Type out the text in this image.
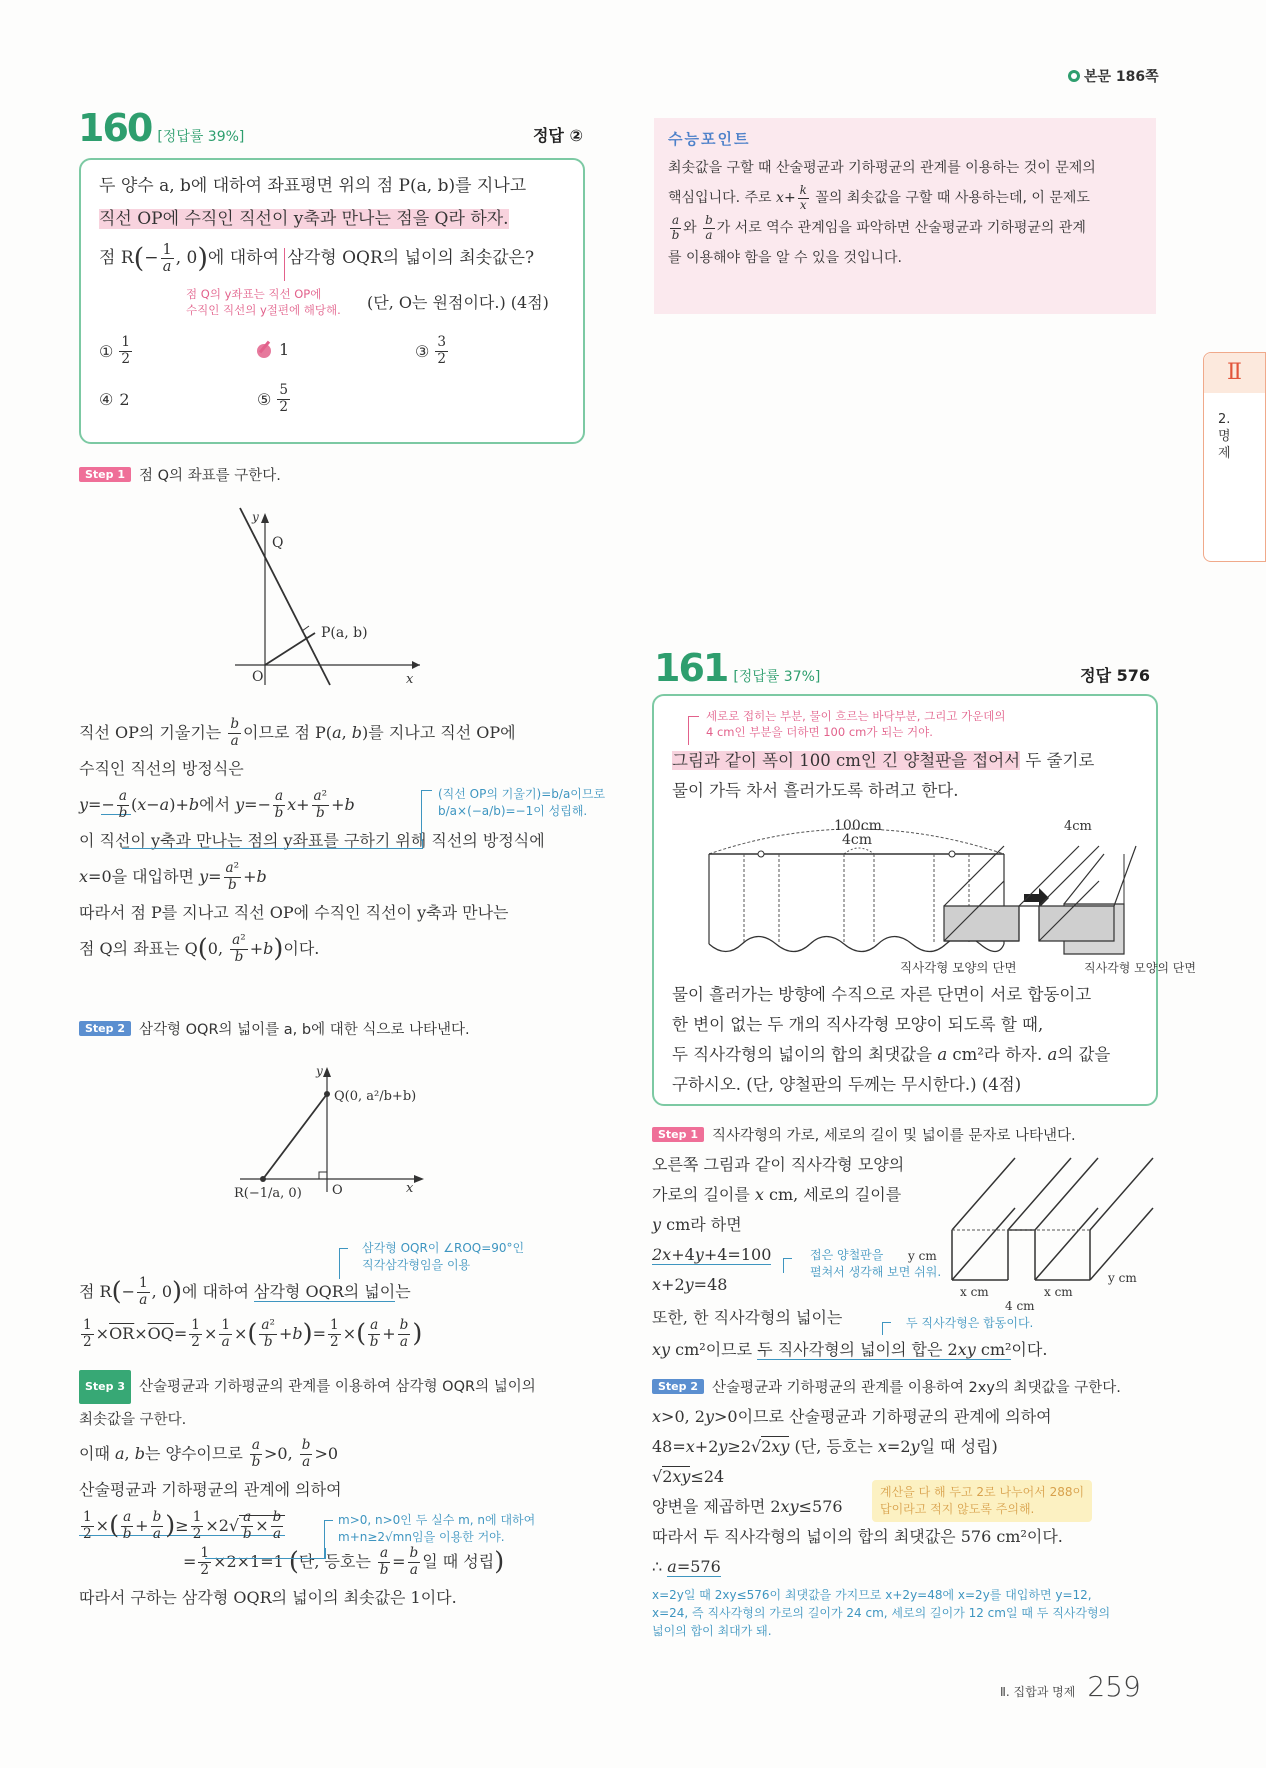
본문 186쪽
Ⅱ
2.
명
제
160 [정답률 39%]	정답 ②
두 양수 a, b에 대하여 좌표평면 위의 점 P(a, b)를 지나고
직선 OP에 수직인 직선이 y축과 만나는 점을 Q라 하자.
점 $R(- \frac{1}{a}$ , 0)에 대하여 삼각형 OQR의 넓이의 최솟값은?
점 Q의 y좌표는 직선 OP에
수직인 직선의 y절편에 해당해. (단, O는 원점이다.) (4점)
① $\frac{1}{2}$	1	③ $\frac{3}{2}$
④ 2	⑤ $\frac{5}{2}$
Step 1 점 Q의 좌표를 구한다.
y
Q
P(a, b)
O	x
직선 OP의 기울기는 $\frac{b}{a}$ 이므로 점 P(a, b)를 지나고 직선 OP에
수직인 직선의 방정식은
$y=- \frac{a}{b} (x-a)+b$에서 $y=- \frac{a}{b} x+ \frac{\text{a²}}{b} +b$
이 직선이 y축과 만나는 점의 y좌표를 구하기 위해 직선의 방정식에
x=0을 대입하면 $y= \frac{\text{a²}}{b} +b$
따라서 점 P를 지나고 직선 OP에 수직인 직선이 y축과 만나는
점 Q의 좌표는 Q(0, $\frac{\text{a²}}{b} +b$)이다.
(직선 OP의 기울기)=b/a이므로
b/a×(−a/b)=−1이 성립해.
Step 2 삼각형 OQR의 넓이를 a, b에 대한 식으로 나타낸다.
y
Q(0, a²/b+b)
O	x
R(−1/a, 0)
삼각형 OQR이 ∠ROQ=90°인
직각삼각형임을 이용
점 $R(- \frac{1}{a}$ , 0)에 대하여 삼각형 OQR의 넓이는
$\frac{1}{2} \times\overline{OR}\times\overline{OQ}= \frac{1}{2} \times \frac{1}{a}$ ×( $\frac{\text{a²}}{b} +b)= \frac{1}{2}$ ×( $\frac{a}{b} + \frac{b}{a}$ )
Step 3 산술평균과 기하평균의 관계를 이용하여 삼각형 OQR의 넓이의
최솟값을 구한다.
이때 a, b는 양수이므로 $\frac{a}{b} >0$, $\frac{b}{a} >0$
산술평균과 기하평균의 관계에 의하여
$\frac{1}{2}$ ×( $\frac{a}{b} + \frac{b}{a}$ )≥ $\frac{1}{2} \times 2√ \frac{a}{b} \times \frac{b}{a}$
= $\frac{1}{2} \times 2\times 1=1$ (단, 등호는 $\frac{a}{b} = \frac{b}{a}$ 일 때 성립)
따라서 구하는 삼각형 OQR의 넓이의 최솟값은 1이다.
m>0, n>0인 두 실수 m, n에 대하여
m+n≥2√mn임을 이용한 거야.
수능포인트
최솟값을 구할 때 산술평균과 기하평균의 관계를 이용하는 것이 문제의
핵심입니다. 주로 $x+ \frac{k}{x}$ 꼴의 최솟값을 구할 때 사용하는데, 이 문제도
$\frac{a}{b}$ 와 $\frac{b}{a}$ 가 서로 역수 관계임을 파악하면 산술평균과 기하평균의 관계
를 이용해야 함을 알 수 있을 것입니다.
161 [정답률 37%]	정답 576
세로로 접히는 부분, 물이 흐르는 바닥부분, 그리고 가운데의
4 cm인 부분을 더하면 100 cm가 되는 거야.
그림과 같이 폭이 100 cm인 긴 양철판을 접어서 두 줄기로
물이 가득 차서 흘러가도록 하려고 한다.
100cm
4cm
직사각형 모양의 단면
4cm
직사각형 모양의 단면
물이 흘러가는 방향에 수직으로 자른 단면이 서로 합동이고
한 변이 없는 두 개의 직사각형 모양이 되도록 할 때,
두 직사각형의 넓이의 합의 최댓값을 a cm²라 하자. a의 값을
구하시오. (단, 양철판의 두께는 무시한다.) (4점)
Step 1 직사각형의 가로, 세로의 길이 및 넓이를 문자로 나타낸다.
오른쪽 그림과 같이 직사각형 모양의
가로의 길이를 x cm, 세로의 길이를
y cm라 하면
2x+4y+4=100
x+2y=48
접은 양철판을
펼쳐서 생각해 보면 쉬워.
y cm
y cm
x cm	x cm
4 cm
또한, 한 직사각형의 넓이는
xy cm²이므로 두 직사각형의 넓이의 합은 2xy cm²이다.
두 직사각형은 합동이다.
Step 2 산술평균과 기하평균의 관계를 이용하여 2xy의 최댓값을 구한다.
x>0, 2y>0이므로 산술평균과 기하평균의 관계에 의하여
48=x+2y≥2√2xy (단, 등호는 x=2y일 때 성립)
√2xy≤24
양변을 제곱하면 2xy≤576
따라서 두 직사각형의 넓이의 합의 최댓값은 576 cm²이다.
∴ a=576
계산을 다 해 두고 2로 나누어서 288이
답이라고 적지 않도록 주의해.
x=2y일 때 2xy≤576이 최댓값을 가지므로 x+2y=48에 x=2y를 대입하면 y=12,
x=24, 즉 직사각형의 가로의 길이가 24 cm, 세로의 길이가 12 cm일 때 두 직사각형의
넓이의 합이 최대가 돼.
Ⅱ. 집합과 명제 259
